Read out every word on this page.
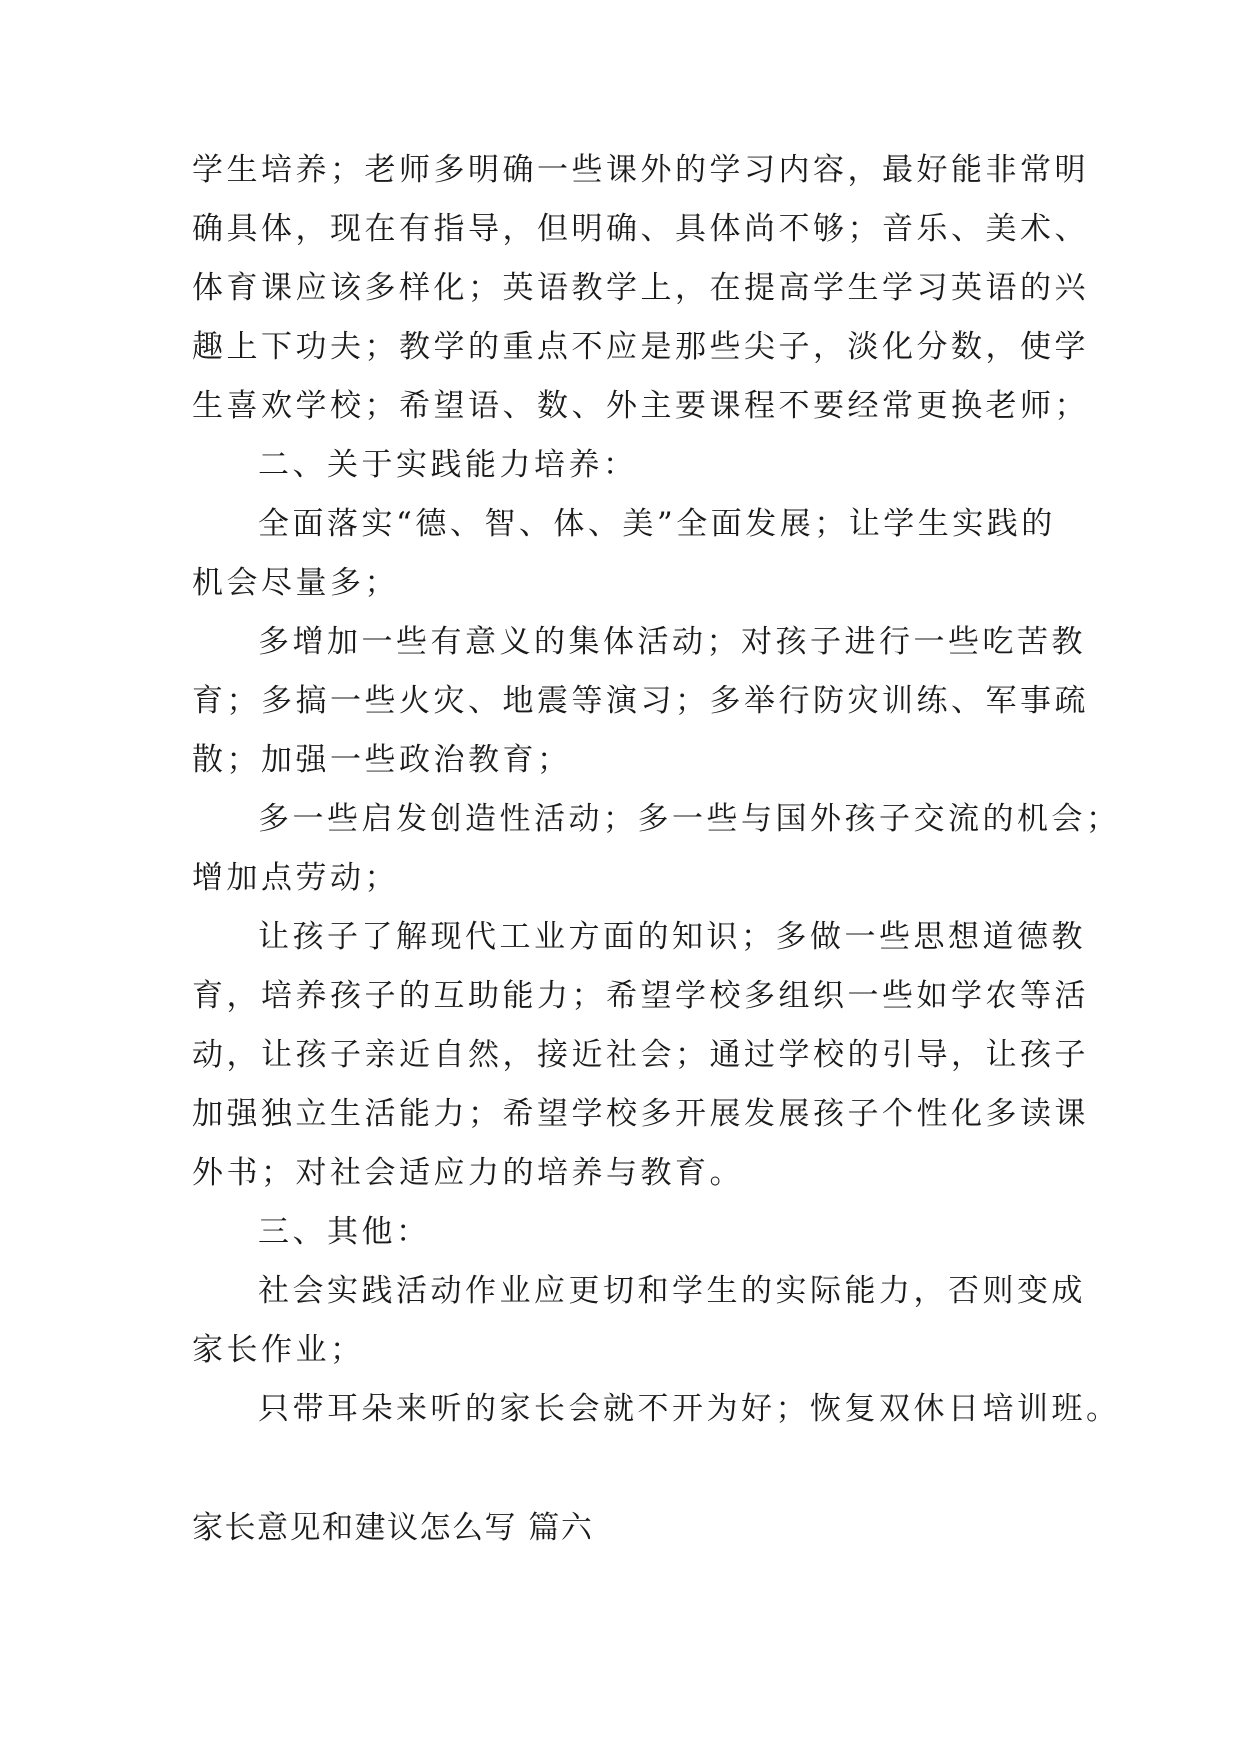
学生培养；老师多明确一些课外的学习内容，最好能非常明
确具体，现在有指导，但明确、具体尚不够；音乐、美术、
体育课应该多样化；英语教学上，在提高学生学习英语的兴
趣上下功夫；教学的重点不应是那些尖子，淡化分数，使学
生喜欢学校；希望语、数、外主要课程不要经常更换老师；
二、关于实践能力培养：
全面落实“德、智、体、美”全面发展；让学生实践的
机会尽量多；
多增加一些有意义的集体活动；对孩子进行一些吃苦教
育；多搞一些火灾、地震等演习；多举行防灾训练、军事疏
散；加强一些政治教育；
多一些启发创造性活动；多一些与国外孩子交流的机会；
增加点劳动；
让孩子了解现代工业方面的知识；多做一些思想道德教
育，培养孩子的互助能力；希望学校多组织一些如学农等活
动，让孩子亲近自然，接近社会；通过学校的引导，让孩子
加强独立生活能力；希望学校多开展发展孩子个性化多读课
外书；对社会适应力的培养与教育。
三、其他：
社会实践活动作业应更切和学生的实际能力，否则变成
家长作业；
只带耳朵来听的家长会就不开为好；恢复双休日培训班。
家长意见和建议怎么写 篇六
